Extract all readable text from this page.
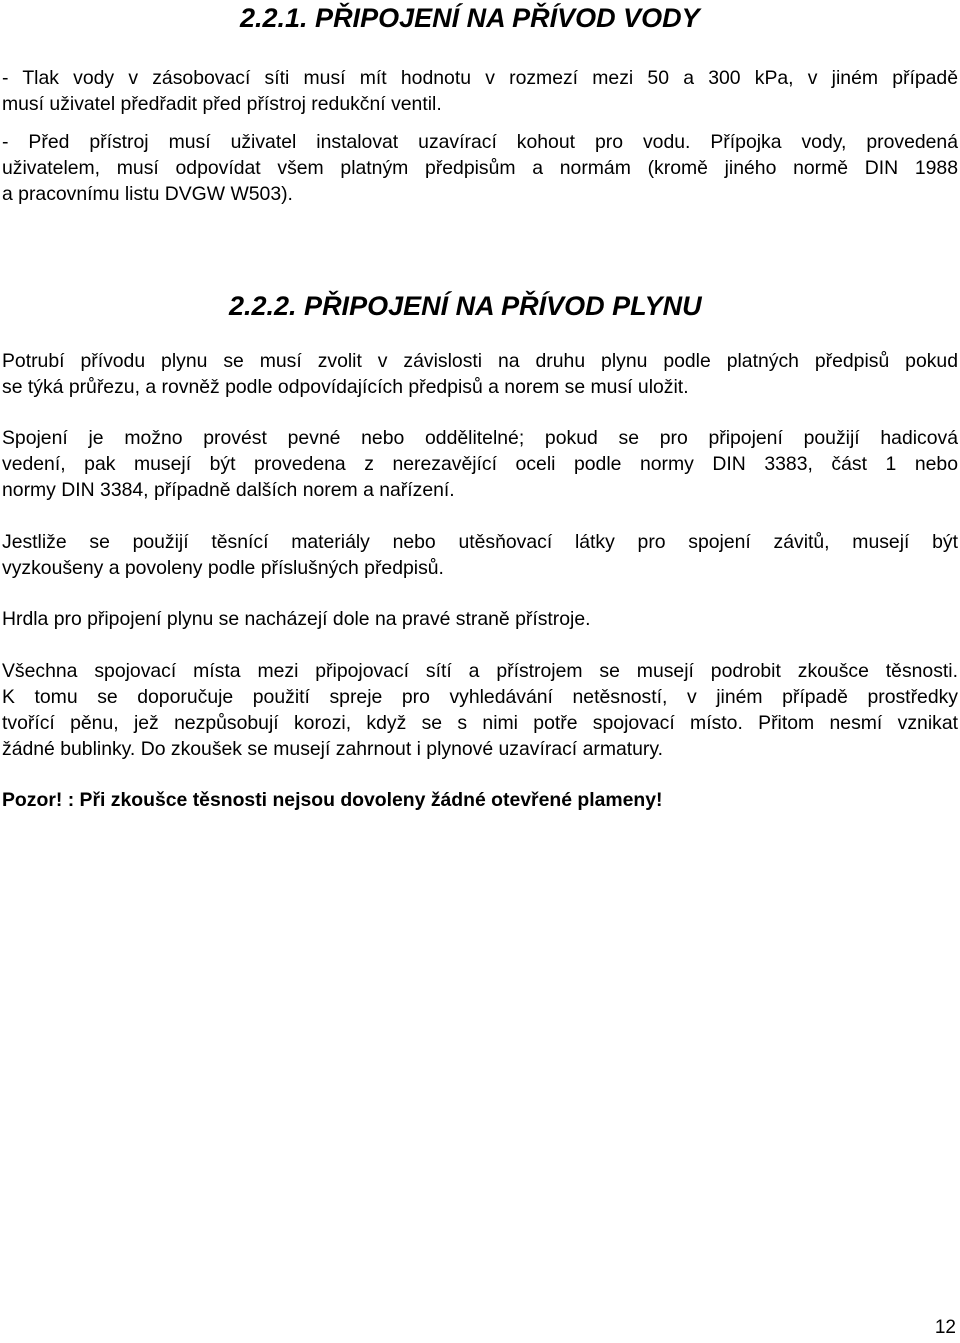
2.2.1. PŘIPOJENÍ NA PŘÍVOD VODY

- Tlak vody v zásobovací síti musí mít hodnotu v rozmezí mezi 50 a 300 kPa, v jiném případě
musí uživatel předřadit před přístroj redukční ventil.

- Před přístroj musí uživatel instalovat uzavírací kohout pro vodu. Přípojka vody, provedená
uživatelem, musí odpovídat všem platným předpisům a normám (kromě jiného normě DIN 1988
a pracovnímu listu DVGW W503).

2.2.2. PŘIPOJENÍ NA PŘÍVOD PLYNU

Potrubí přívodu plynu se musí zvolit v závislosti na druhu plynu podle platných předpisů pokud
se týká průřezu, a rovněž podle odpovídajících předpisů a norem se musí uložit.

Spojení je možno provést pevné nebo oddělitelné; pokud se pro připojení použijí hadicová
vedení, pak musejí být provedena z nerezavějící oceli podle normy DIN 3383, část 1 nebo
normy DIN 3384, případně dalších norem a nařízení.

Jestliže se použijí těsnící materiály nebo utěsňovací látky pro spojení závitů, musejí být
vyzkoušeny a povoleny podle příslušných předpisů.

Hrdla pro připojení plynu se nacházejí dole na pravé straně přístroje.

Všechna spojovací místa mezi připojovací sítí a přístrojem se musejí podrobit zkoušce těsnosti.
K tomu se doporučuje použití spreje pro vyhledávání netěsností, v jiném případě prostředky
tvořící pěnu, jež nezpůsobují korozi, když se s nimi potře spojovací místo. Přitom nesmí vznikat
žádné bublinky. Do zkoušek se musejí zahrnout i plynové uzavírací armatury.

Pozor! : Při zkoušce těsnosti nejsou dovoleny žádné otevřené plameny!

12
